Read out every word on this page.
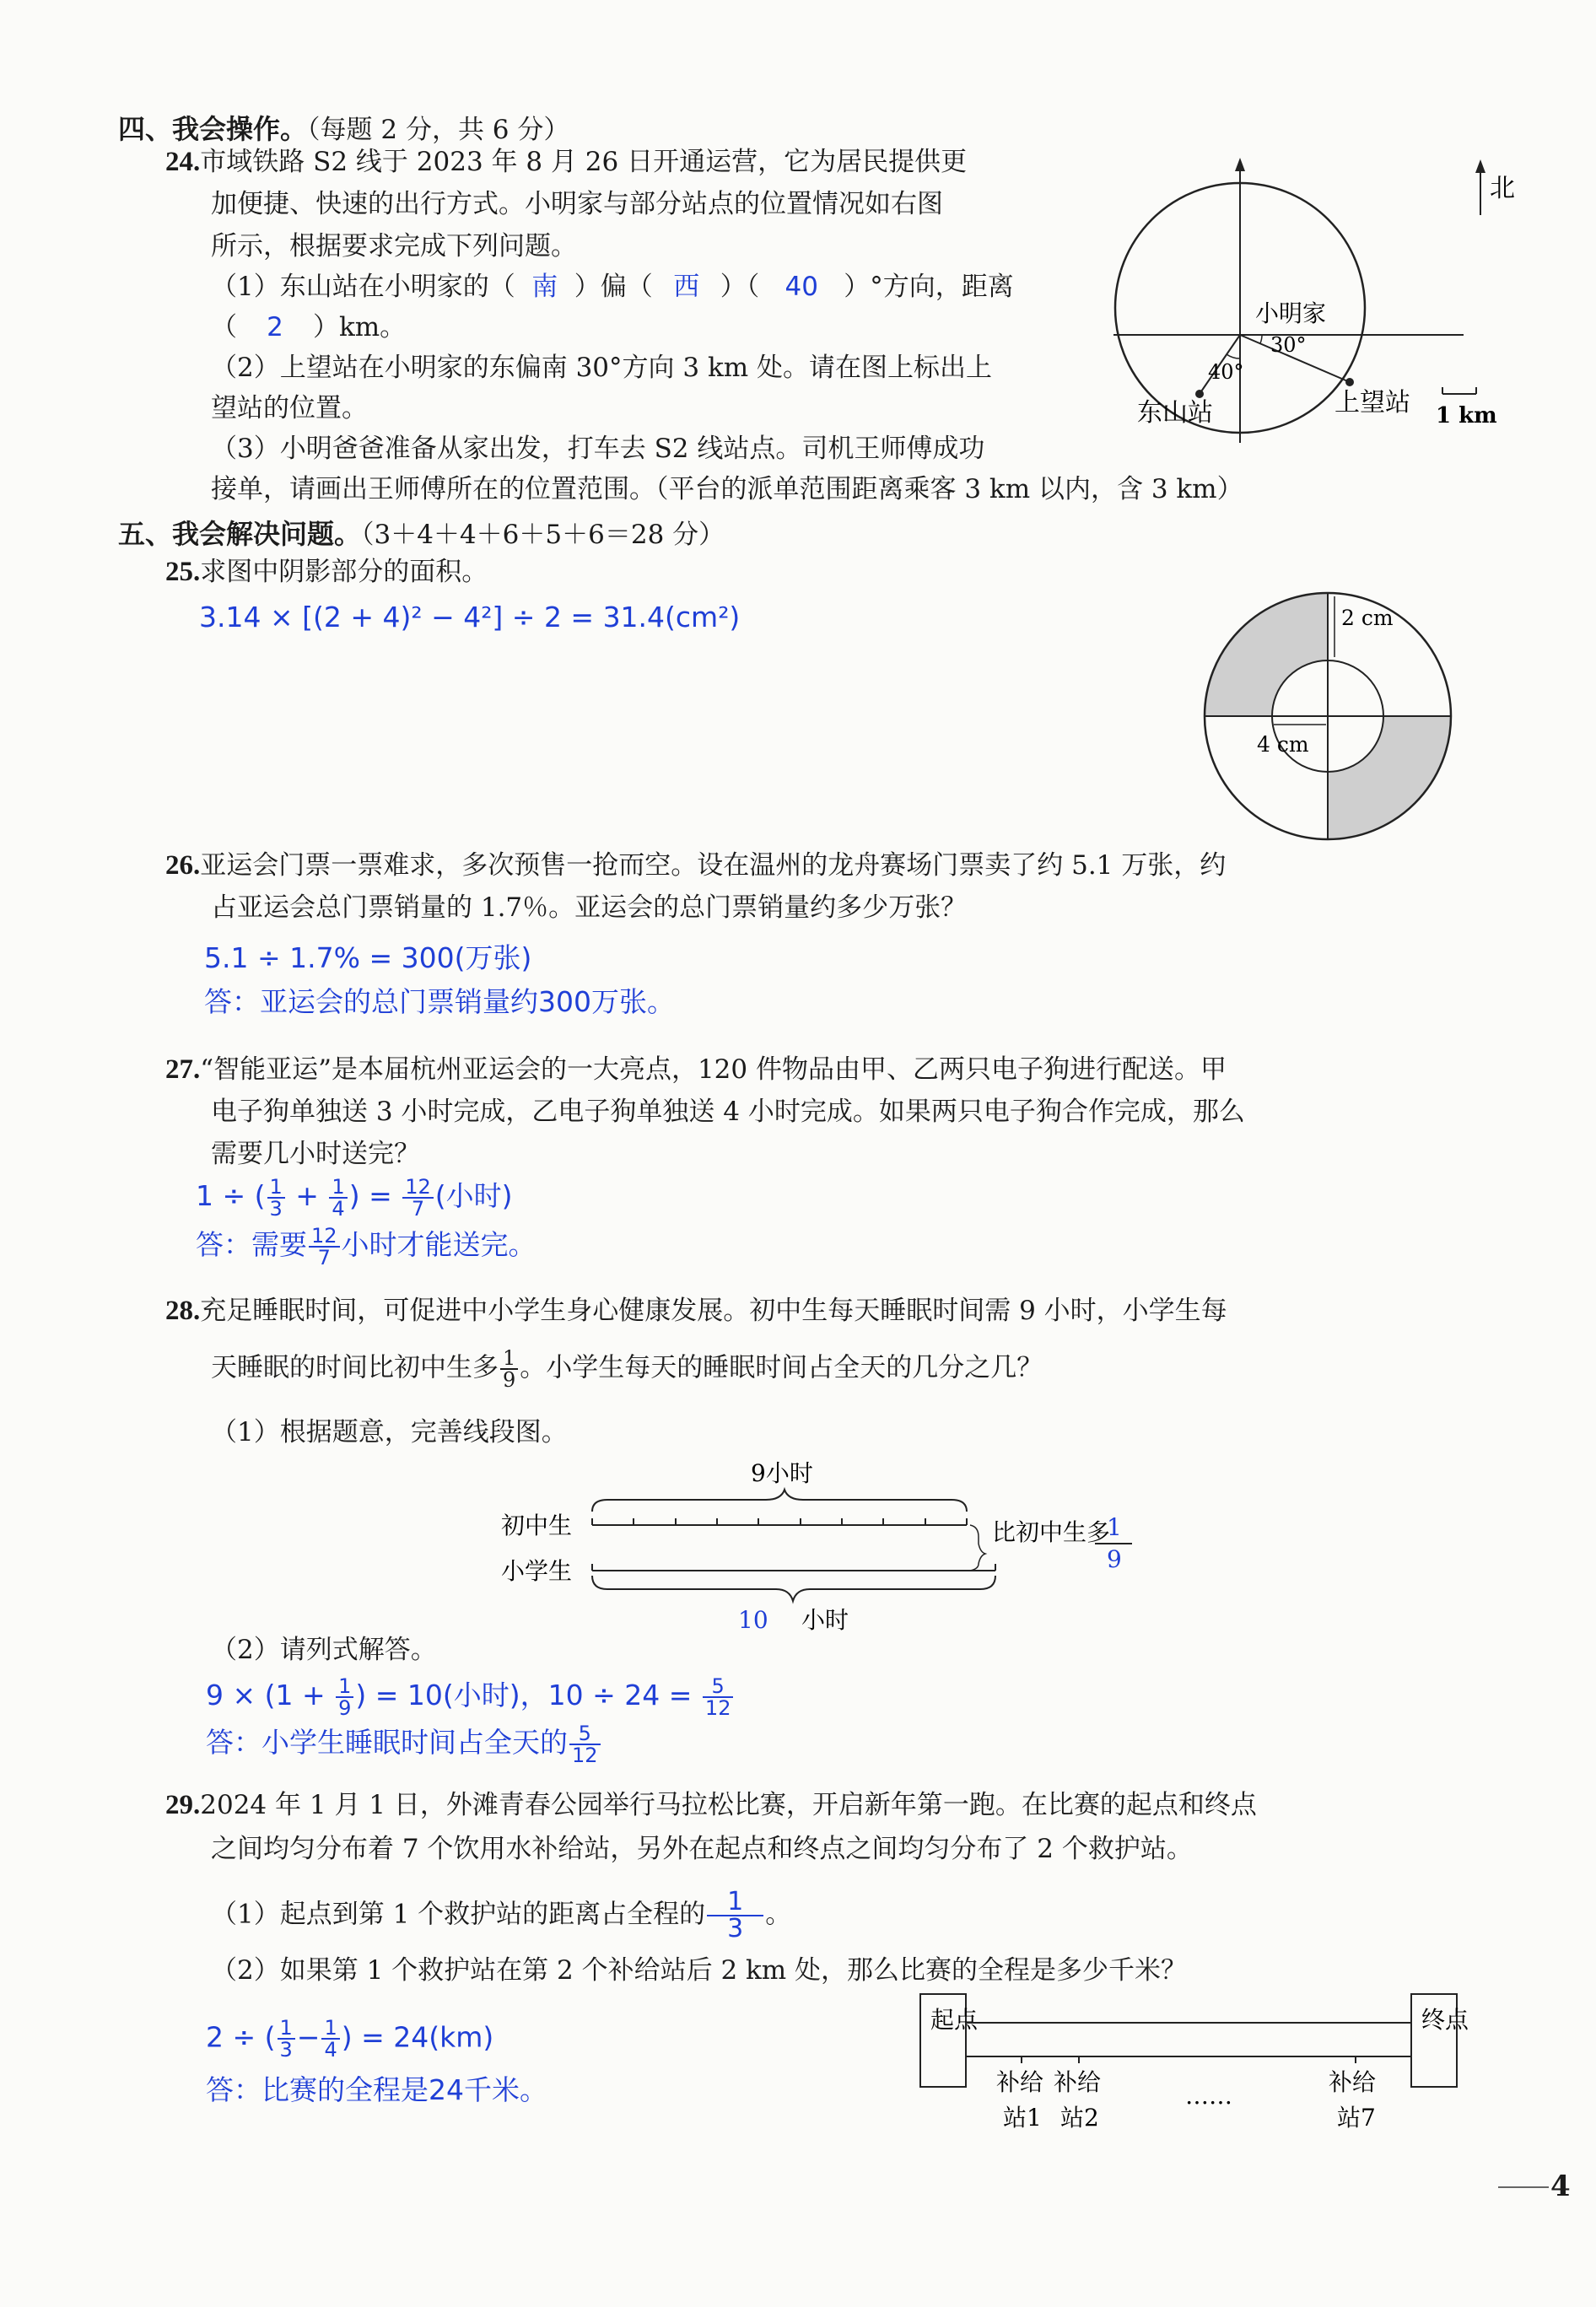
四、我会操作。（每题 2 分，共 6 分）
24.市域铁路 S2 线于 2023 年 8 月 26 日开通运营，它为居民提供更
加便捷、快速的出行方式。小明家与部分站点的位置情况如右图
所示，根据要求完成下列问题。
（1）东山站在小明家的（ 南 ）偏（ 西 ）（ 40 ）°方向，距离
（ 2 ）km。
（2）上望站在小明家的东偏南 30°方向 3 km 处。请在图上标出上
望站的位置。
（3）小明爸爸准备从家出发，打车去 S2 线站点。司机王师傅成功
接单，请画出王师傅所在的位置范围。（平台的派单范围距离乘客 3 km 以内，含 3 km）
北
小明家
30°
40°
东山站	上望站 1 km
五、我会解决问题。（3＋4＋4＋6＋5＋6＝28 分）
25.求图中阴影部分的面积。
3.14 × [(2 + 4)² − 4²] ÷ 2 = 31.4(cm²)	2 cm
4 cm
26.亚运会门票一票难求，多次预售一抢而空。设在温州的龙舟赛场门票卖了约 5.1 万张，约
占亚运会总门票销量的 1.7％。亚运会的总门票销量约多少万张？
5.1 ÷ 1.7% = 300(万张)
答：亚运会的总门票销量约300万张。
27.“智能亚运”是本届杭州亚运会的一大亮点，120 件物品由甲、乙两只电子狗进行配送。甲
电子狗单独送 3 小时完成，乙电子狗单独送 4 小时完成。如果两只电子狗合作完成，那么
需要几小时送完？
1 ÷ ( $\frac{1}{3} + \frac{1}{4}$ ) = $\frac{12}{7}$ (小时)
答：需要 $\frac{12}{7}$ 小时才能送完。
28.充足睡眠时间，可促进中小学生身心健康发展。初中生每天睡眠时间需 9 小时，小学生每
天睡眠的时间比初中生多 $\frac{1}{9}$ 。小学生每天的睡眠时间占全天的几分之几？
（1）根据题意，完善线段图。
9小时
初中生
小学生
比初中生多
1
9
10 小时
（2）请列式解答。
$9 \times (1 + \frac{1}{9}$ ) = 10(小时)，$10 \div 24 = \frac{5}{12}$
答：小学生睡眠时间占全天的 $\frac{5}{12}$
29.2024 年 1 月 1 日，外滩青春公园举行马拉松比赛，开启新年第一跑。在比赛的起点和终点
之间均匀分布着 7 个饮用水补给站，另外在起点和终点之间均匀分布了 2 个救护站。
（1）起点到第 1 个救护站的距离占全程的 $\frac{1}{3}$ 。
（2）如果第 1 个救护站在第 2 个补给站后 2 km 处，那么比赛的全程是多少千米？
2 ÷ ( $\frac{1}{3} - \frac{1}{4}$ ) = 24(km)
答：比赛的全程是24千米。
起点	终点
补给
站1
补给
站2
……	补给
站7
4
